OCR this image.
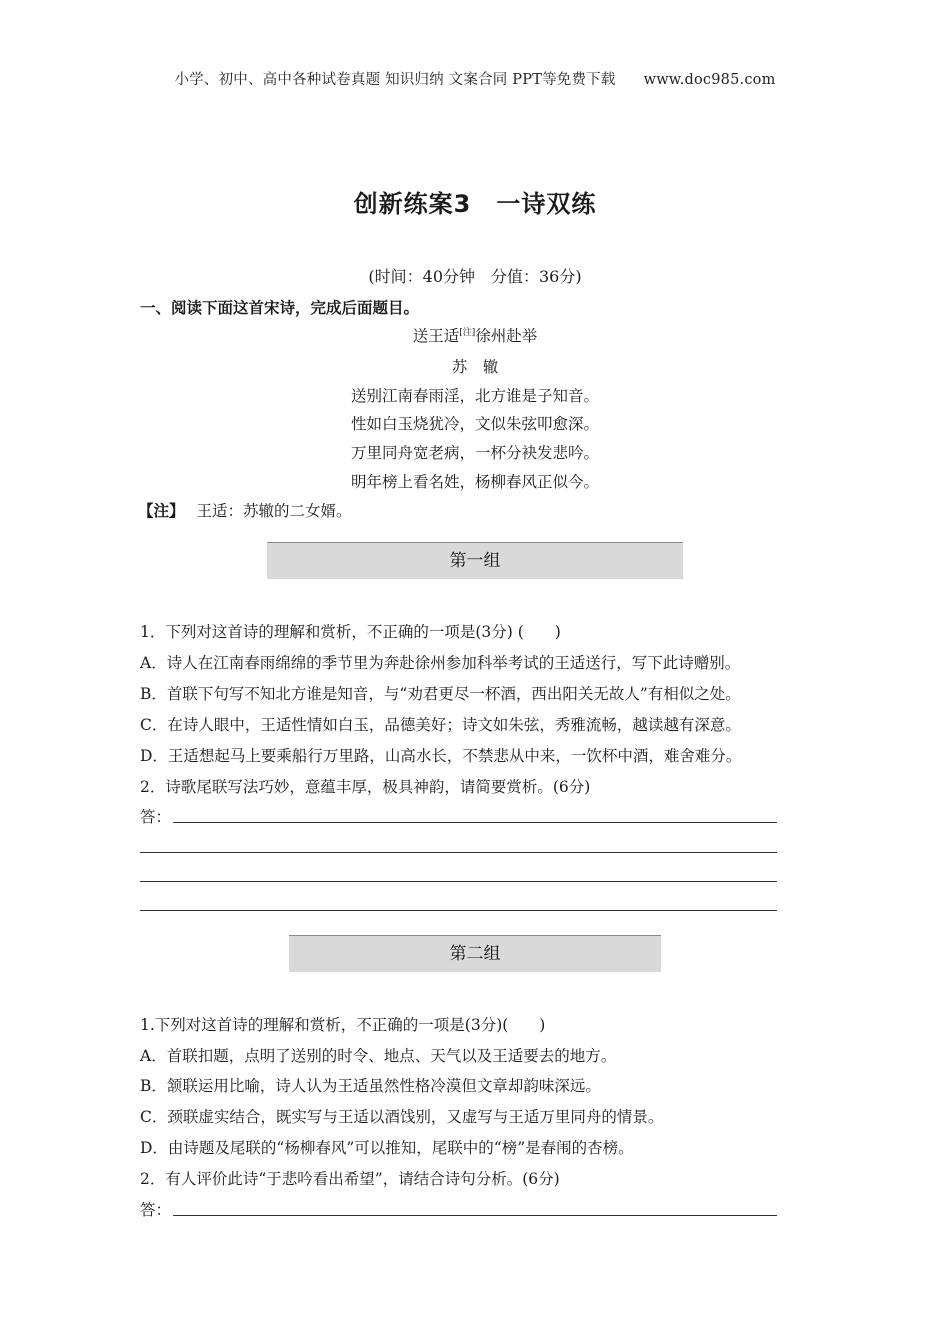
小学、初中、高中各种试卷真题 知识归纳 文案合同 PPT等免费下载 www.doc985.com
创新练案3　一诗双练
(时间：40分钟　分值：36分)
一、阅读下面这首宋诗，完成后面题目。
送王适[注]徐州赴举
苏　辙
送别江南春雨淫，北方谁是子知音。
性如白玉烧犹冷，文似朱弦叩愈深。
万里同舟宽老病，一杯分袂发悲吟。
明年榜上看名姓，杨柳春风正似今。
【注】 王适：苏辙的二女婿。
第一组
1．下列对这首诗的理解和赏析，不正确的一项是(3分) (　　)
A．诗人在江南春雨绵绵的季节里为奔赴徐州参加科举考试的王适送行，写下此诗赠别。
B．首联下句写不知北方谁是知音，与“劝君更尽一杯酒，西出阳关无故人”有相似之处。
C．在诗人眼中，王适性情如白玉，品德美好；诗文如朱弦，秀雅流畅，越读越有深意。
D．王适想起马上要乘船行万里路，山高水长，不禁悲从中来，一饮杯中酒，难舍难分。
2．诗歌尾联写法巧妙，意蕴丰厚，极具神韵，请简要赏析。(6分)
答：
第二组
1.下列对这首诗的理解和赏析，不正确的一项是(3分)(　　)
A．首联扣题，点明了送别的时令、地点、天气以及王适要去的地方。
B．颔联运用比喻，诗人认为王适虽然性格冷漠但文章却韵味深远。
C．颈联虚实结合，既实写与王适以酒饯别，又虚写与王适万里同舟的情景。
D．由诗题及尾联的“杨柳春风”可以推知，尾联中的“榜”是春闱的杏榜。
2．有人评价此诗“于悲吟看出希望”，请结合诗句分析。(6分)
答：
